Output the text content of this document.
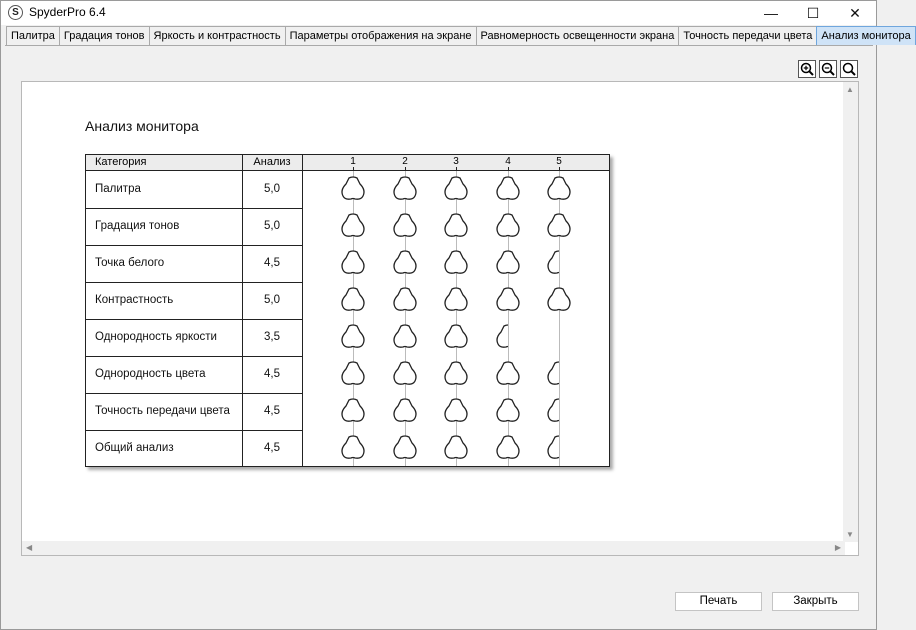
S SpyderPro 6.4	—	☐	✕
Палитра Градация тонов Яркость и контрастность Параметры отображения на экране Равномерность освещенности экрана Точность передачи цвета Анализ монитора
Анализ монитора
Категория	Анализ	1	2	3	4	5
Палитра	5,0
Градация тонов	5,0
Точка белого	4,5
Контрастность	5,0
Однородность яркости	3,5
Однородность цвета	4,5
Точность передачи цвета	4,5
Общий анализ	4,5
▲
▼
◀	▶
Печать	Закрыть
